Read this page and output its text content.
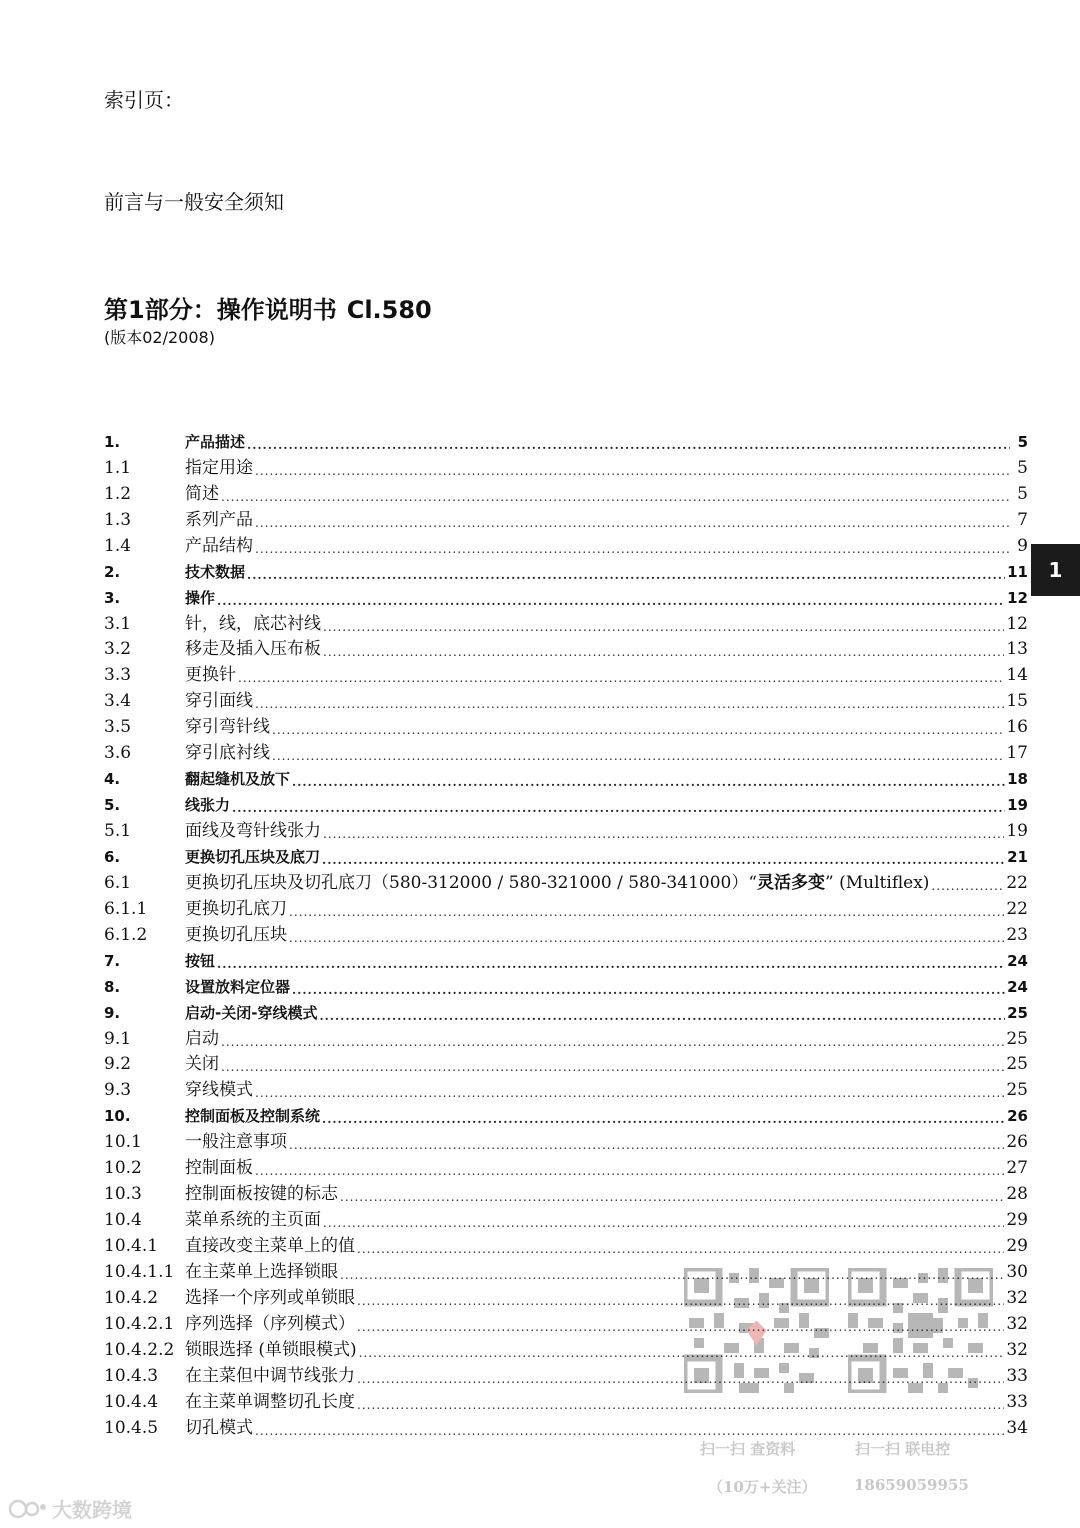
索引页：
前言与一般安全须知
第1部分：操作说明书 Cl.580
(版本02/2008)
1.	产品描述 .....	5
1.1	指定用途 .....	5
1.2	简述 .....	5
1.3	系列产品 .....	7
1.4	产品结构 .....	9
2.	技术数据 .....	11
3.	操作 .....	12
3.1	针，线，底芯衬线 .....	12
3.2	移走及插入压布板 .....	13
3.3	更换针 .....	14
3.4	穿引面线 .....	15
3.5	穿引弯针线 .....	16
3.6	穿引底衬线 .....	17
4.	翻起缝机及放下 .....	18
5.	线张力 .....	19
5.1	面线及弯针线张力 .....	19
6.	更换切孔压块及底刀 .....	21
6.1	更换切孔压块及切孔底刀（580-312000 / 580-321000 / 580-341000）“灵活多变” (Multiflex) .....	22
6.1.1	更换切孔底刀 .....	22
6.1.2	更换切孔压块 .....	23
7.	按钮 .....	24
8.	设置放料定位器 .....	24
9.	启动-关闭-穿线模式 .....	25
9.1	启动 .....	25
9.2	关闭 .....	25
9.3	穿线模式 .....	25
10.	控制面板及控制系统 .....	26
10.1	一般注意事项 .....	26
10.2	控制面板 .....	27
10.3	控制面板按键的标志 .....	28
10.4	菜单系统的主页面 .....	29
10.4.1	直接改变主菜单上的值 .....	29
10.4.1.1 在主菜单上选择锁眼 .....	30
10.4.2	选择一个序列或单锁眼 .....	32
10.4.2.1 序列选择（序列模式） .....	32
10.4.2.2 锁眼选择 (单锁眼模式) .....	32
10.4.3	在主菜但中调节线张力 .....	33
10.4.4	在主菜单调整切孔长度 .....	33
10.4.5	切孔模式 .....	34
1
扫一扫 查资料	扫一扫 联电控
（10万+关注）	18659059955
大数跨境
